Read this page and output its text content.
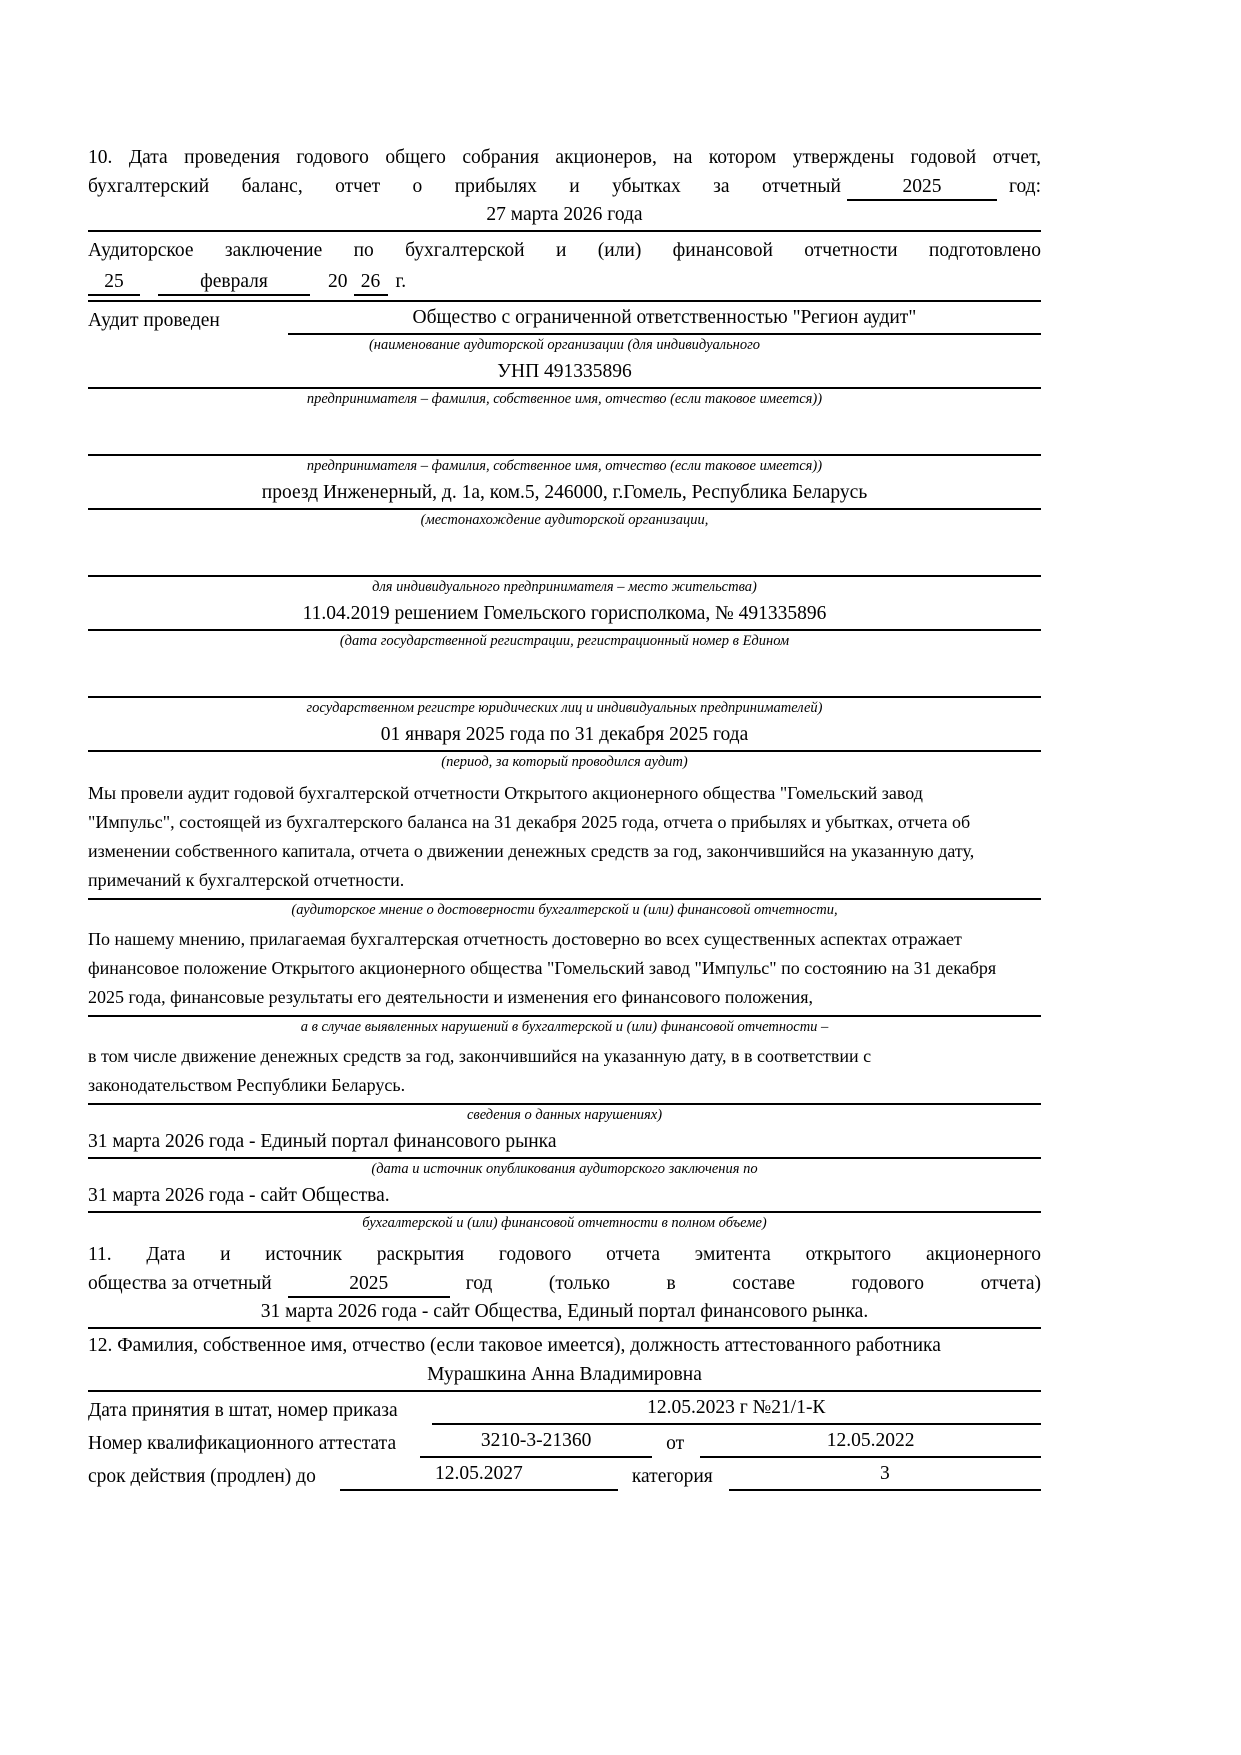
10. Дата проведения годового общего собрания акционеров, на котором утверждены годовой отчет,
бухгалтерский баланс, отчет о прибылях и убытках за отчетный	2025	год:
27 марта 2026 года
Аудиторское заключение по бухгалтерской и (или) финансовой отчетности подготовлено
25	февраля	20 26 г.
Аудит проведен	Общество с ограниченной ответственностью "Регион аудит"
(наименование аудиторской организации (для индивидуального
УНП 491335896
предпринимателя – фамилия, собственное имя, отчество (если таковое имеется))
предпринимателя – фамилия, собственное имя, отчество (если таковое имеется))
проезд Инженерный, д. 1а, ком.5, 246000, г.Гомель, Республика Беларусь
(местонахождение аудиторской организации,
для индивидуального предпринимателя – место жительства)
11.04.2019 решением Гомельского горисполкома, № 491335896
(дата государственной регистрации, регистрационный номер в Едином
государственном регистре юридических лиц и индивидуальных предпринимателей)
01 января 2025 года по 31 декабря 2025 года
(период, за который проводился аудит)
Мы провели аудит годовой бухгалтерской отчетности Открытого акционерного общества "Гомельский завод
"Импульс", состоящей из бухгалтерского баланса на 31 декабря 2025 года, отчета о прибылях и убытках, отчета об
изменении собственного капитала, отчета о движении денежных средств за год, закончившийся на указанную дату,
примечаний к бухгалтерской отчетности.
(аудиторское мнение о достоверности бухгалтерской и (или) финансовой отчетности,
По нашему мнению, прилагаемая бухгалтерская отчетность достоверно во всех существенных аспектах отражает
финансовое положение Открытого акционерного общества "Гомельский завод "Импульс" по состоянию на 31 декабря
2025 года, финансовые результаты его деятельности и изменения его финансового положения,
а в случае выявленных нарушений в бухгалтерской и (или) финансовой отчетности –
в том числе движение денежных средств за год, закончившийся на указанную дату, в в соответствии с
законодательством Республики Беларусь.
сведения о данных нарушениях)
31 марта 2026 года - Единый портал финансового рынка
(дата и источник опубликования аудиторского заключения по
31 марта 2026 года - сайт Общества.
бухгалтерской и (или) финансовой отчетности в полном объеме)
11. Дата и источник раскрытия годового отчета эмитента открытого акционерного
общества за отчетный	2025	год (только в составе годового отчета)
31 марта 2026 года - сайт Общества, Единый портал финансового рынка.
12. Фамилия, собственное имя, отчество (если таковое имеется), должность аттестованного работника
Мурашкина Анна Владимировна
Дата принятия в штат, номер приказа	12.05.2023 г №21/1-К
Номер квалификационного аттестата	3210-3-21360	от	12.05.2022
срок действия (продлен) до	12.05.2027	категория	3
